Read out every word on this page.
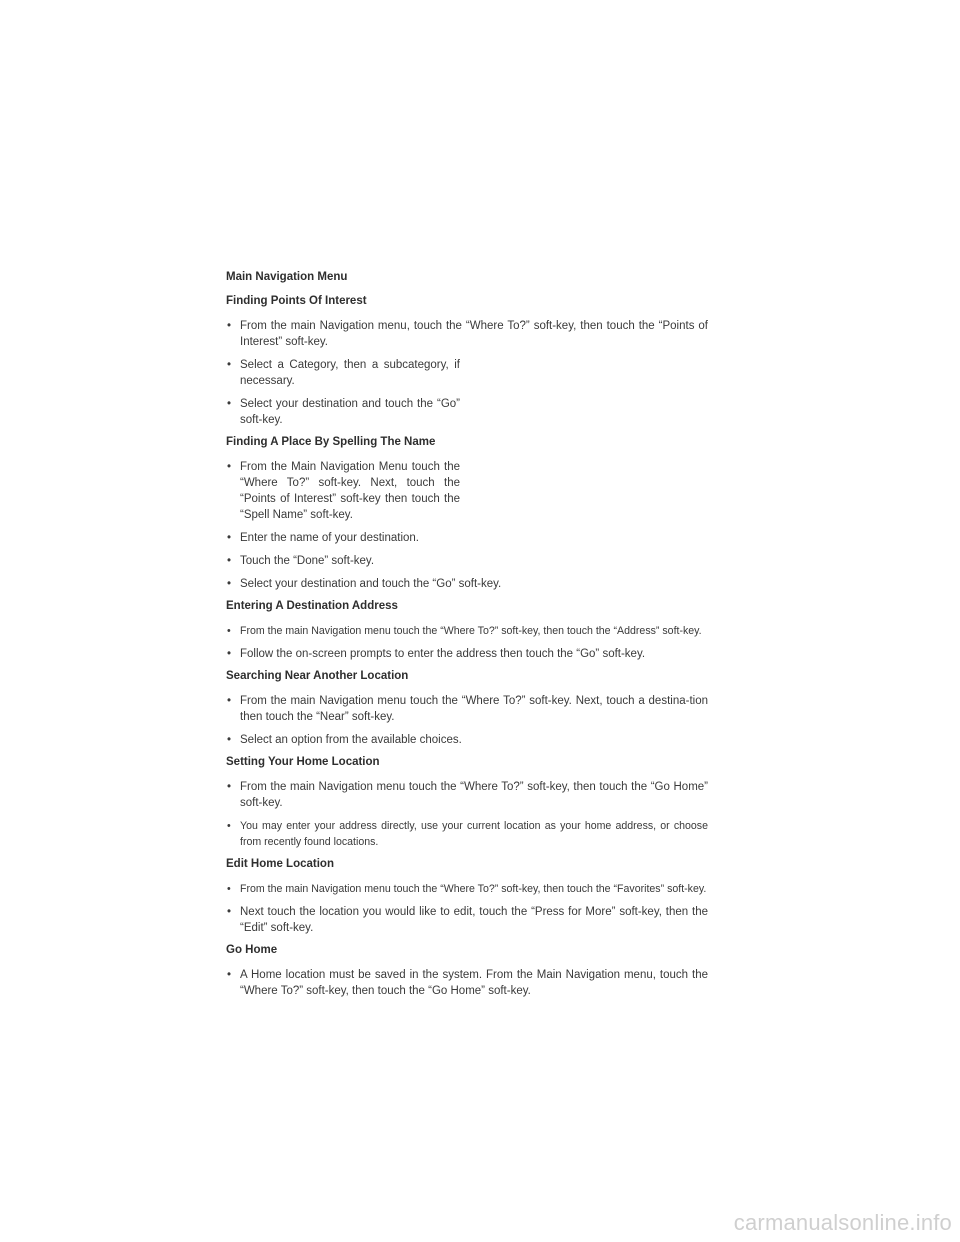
Main Navigation Menu
Finding Points Of Interest
• From the main Navigation menu, touch the “Where To?” soft-key, then touch the “Points of Interest” soft-key.
• Select a Category, then a subcategory, if necessary.
• Select your destination and touch the “Go” soft-key.
Finding A Place By Spelling The Name
• From the Main Navigation Menu touch the “Where To?” soft-key. Next, touch the “Points of Interest” soft-key then touch the “Spell Name” soft-key.
• Enter the name of your destination.
• Touch the “Done” soft-key.
• Select your destination and touch the “Go” soft-key.
Entering A Destination Address
• From the main Navigation menu touch the “Where To?” soft-key, then touch the “Address” soft-key.
• Follow the on-screen prompts to enter the address then touch the “Go” soft-key.
Searching Near Another Location
• From the main Navigation menu touch the “Where To?” soft-key. Next, touch a destina-tion then touch the “Near” soft-key.
• Select an option from the available choices.
Setting Your Home Location
• From the main Navigation menu touch the “Where To?” soft-key, then touch the “Go Home” soft-key.
• You may enter your address directly, use your current location as your home address, or choose from recently found locations.
Edit Home Location
• From the main Navigation menu touch the “Where To?” soft-key, then touch the “Favorites” soft-key.
• Next touch the location you would like to edit, touch the “Press for More” soft-key, then the “Edit” soft-key.
Go Home
• A Home location must be saved in the system. From the Main Navigation menu, touch the “Where To?” soft-key, then touch the “Go Home” soft-key.
carmanualsonline.info
